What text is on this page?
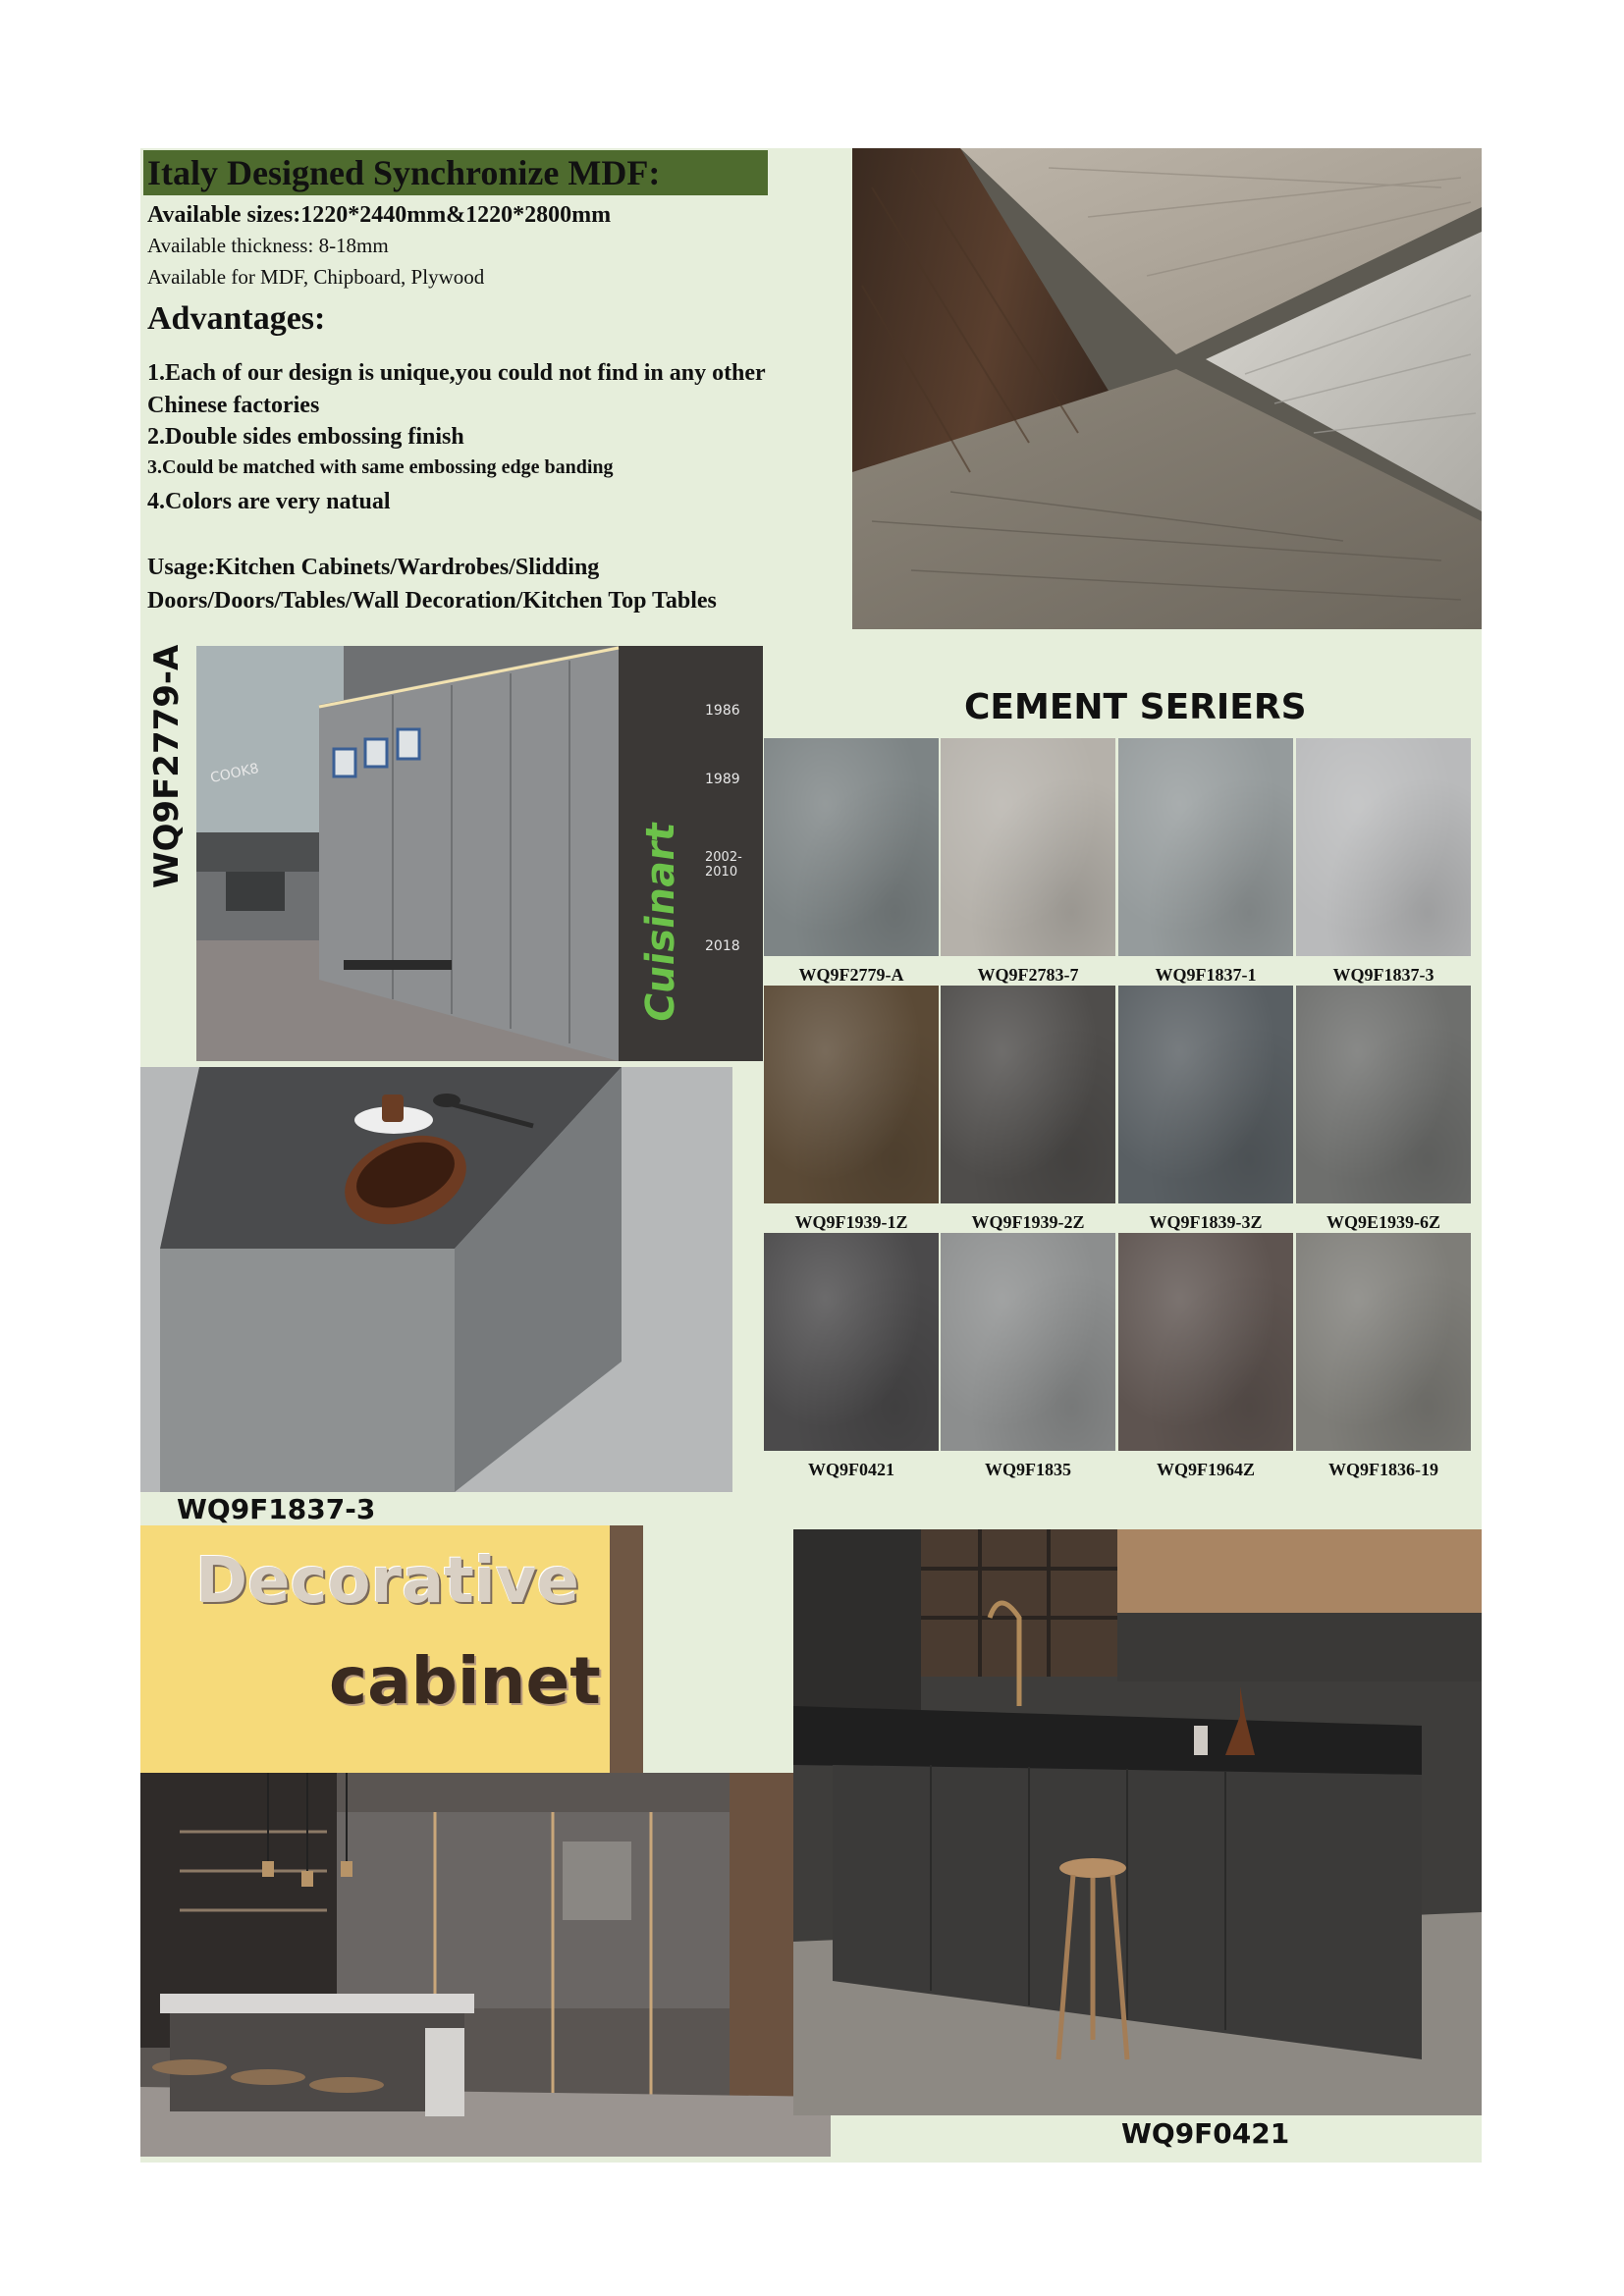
Italy Designed Synchronize MDF:
Available sizes:1220*2440mm&1220*2800mm
Available thickness: 8-18mm
Available for MDF, Chipboard, Plywood
Advantages:
1.Each of our design is unique,you could not find in any other
Chinese factories
2.Double sides embossing finish
3.Could be matched with same embossing edge banding
4.Colors are very natual
Usage:Kitchen Cabinets/Wardrobes/Slidding
Doors/Doors/Tables/Wall Decoration/Kitchen Top Tables
COOK8
Cuisinart
1986
1989
2002-2010
2018
WQ9F2779-A
WQ9F1837-3
CEMENT SERIERS
WQ9F2779-A	WQ9F2783-7	WQ9F1837-1	WQ9F1837-3
WQ9F1939-1Z	WQ9F1939-2Z	WQ9F1839-3Z	WQ9E1939-6Z
WQ9F0421	WQ9F1835	WQ9F1964Z	WQ9F1836-19
Decorative
cabinet
WQ9F0421
